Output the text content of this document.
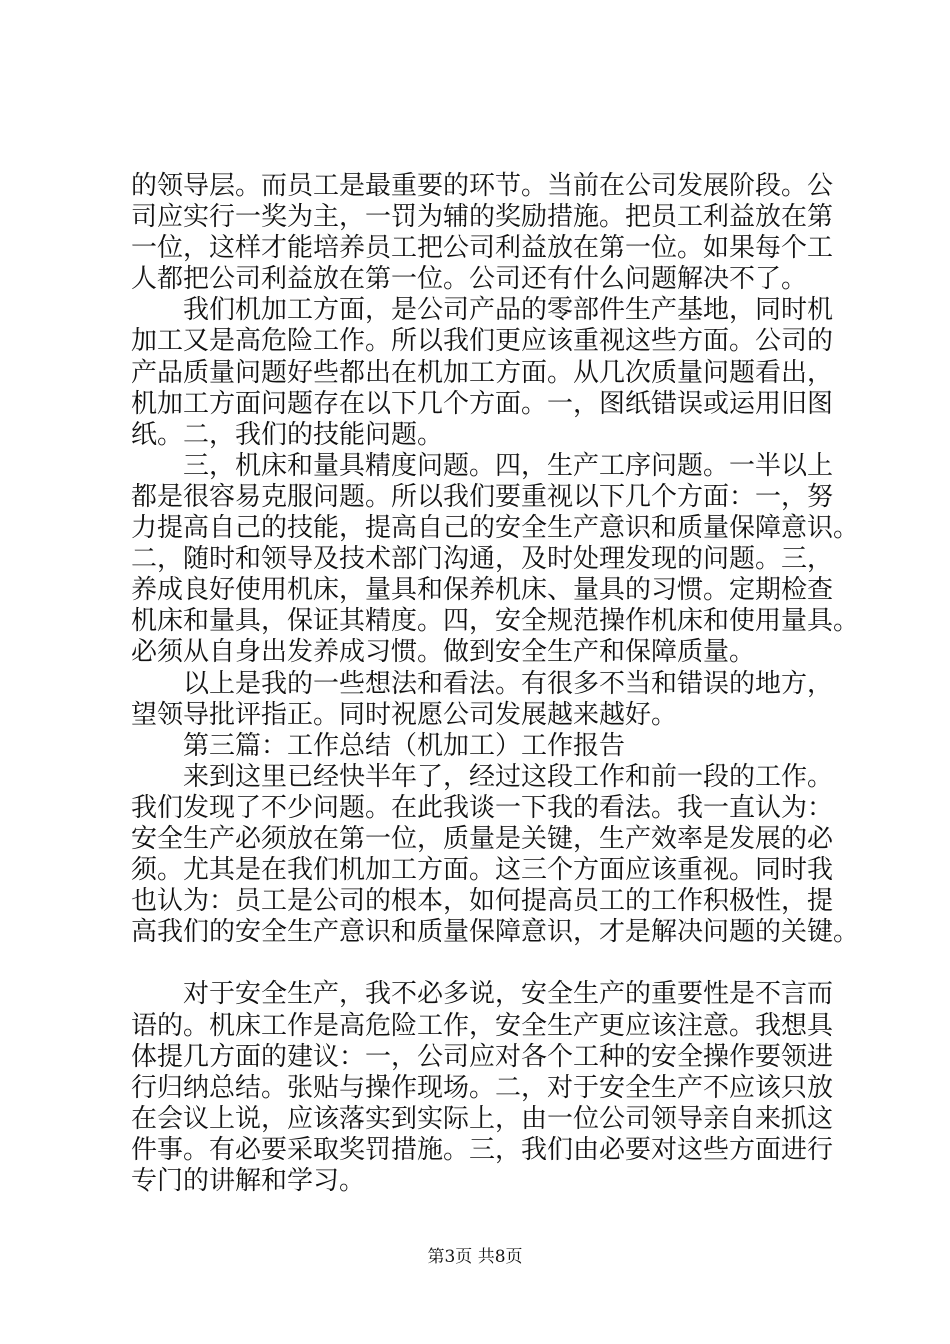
的领导层。而员工是最重要的环节。当前在公司发展阶段。公
司应实行一奖为主，一罚为辅的奖励措施。把员工利益放在第
一位，这样才能培养员工把公司利益放在第一位。如果每个工
人都把公司利益放在第一位。公司还有什么问题解决不了。
我们机加工方面，是公司产品的零部件生产基地，同时机
加工又是高危险工作。所以我们更应该重视这些方面。公司的
产品质量问题好些都出在机加工方面。从几次质量问题看出，
机加工方面问题存在以下几个方面。一，图纸错误或运用旧图
纸。二，我们的技能问题。
三，机床和量具精度问题。四，生产工序问题。一半以上
都是很容易克服问题。所以我们要重视以下几个方面：一，努
力提高自己的技能，提高自己的安全生产意识和质量保障意识。
二，随时和领导及技术部门沟通，及时处理发现的问题。三，
养成良好使用机床，量具和保养机床、量具的习惯。定期检查
机床和量具，保证其精度。四，安全规范操作机床和使用量具。
必须从自身出发养成习惯。做到安全生产和保障质量。
以上是我的一些想法和看法。有很多不当和错误的地方，
望领导批评指正。同时祝愿公司发展越来越好。
第三篇：工作总结（机加工）工作报告
来到这里已经快半年了，经过这段工作和前一段的工作。
我们发现了不少问题。在此我谈一下我的看法。我一直认为：
安全生产必须放在第一位，质量是关键，生产效率是发展的必
须。尤其是在我们机加工方面。这三个方面应该重视。同时我
也认为：员工是公司的根本，如何提高员工的工作积极性，提
高我们的安全生产意识和质量保障意识，才是解决问题的关键。
对于安全生产，我不必多说，安全生产的重要性是不言而
语的。机床工作是高危险工作，安全生产更应该注意。我想具
体提几方面的建议：一，公司应对各个工种的安全操作要领进
行归纳总结。张贴与操作现场。二，对于安全生产不应该只放
在会议上说，应该落实到实际上，由一位公司领导亲自来抓这
件事。有必要采取奖罚措施。三，我们由必要对这些方面进行
专门的讲解和学习。
第3页 共8页
